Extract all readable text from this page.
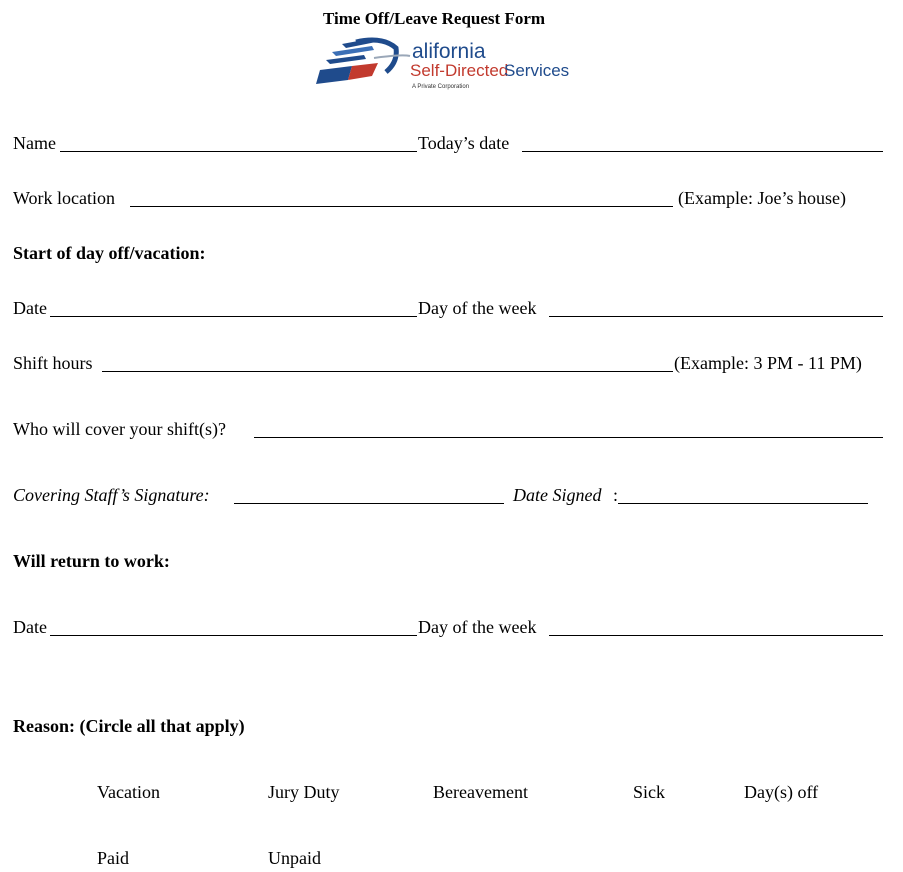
Time Off/Leave Request Form
alifornia
Self-Directed
Services
A Private Corporation
Name	Today’s date
Work location	(Example: Joe’s house)
Start of day off/vacation:
Date	Day of the week
Shift hours	(Example: 3 PM - 11 PM)
Who will cover your shift(s)?
Covering Staff’s Signature:	Date Signed :
Will return to work:
Date	Day of the week
Reason: (Circle all that apply)
Vacation	Jury Duty	Bereavement	Sick	Day(s) off
Paid	Unpaid
